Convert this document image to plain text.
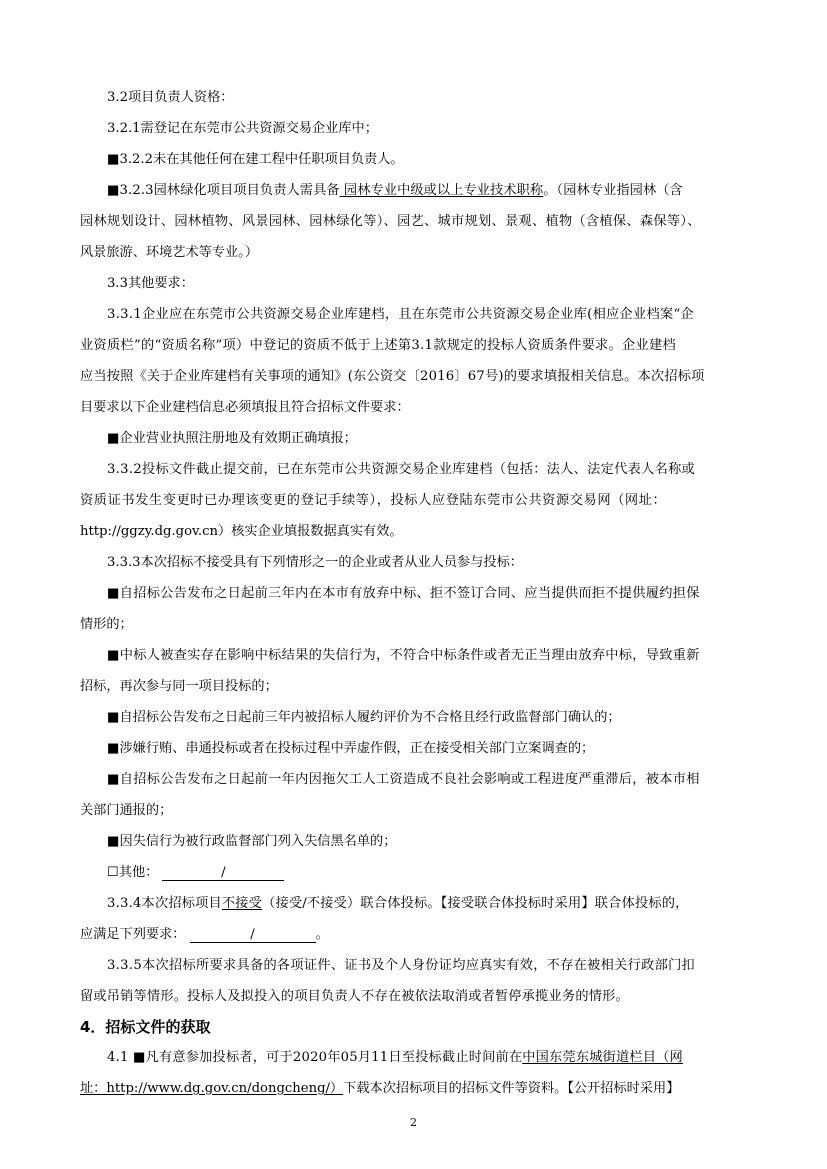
3.2项目负责人资格：
3.2.1需登记在东莞市公共资源交易企业库中；
■3.2.2未在其他任何在建工程中任职项目负责人。
■3.2.3园林绿化项目项目负责人需具备 园林专业中级或以上专业技术职称。（园林专业指园林（含
园林规划设计、园林植物、风景园林、园林绿化等）、园艺、城市规划、景观、植物（含植保、森保等）、
风景旅游、环境艺术等专业。）
3.3其他要求：
3.3.1企业应在东莞市公共资源交易企业库建档，且在东莞市公共资源交易企业库(相应企业档案“企
业资质栏”的“资质名称”项）中登记的资质不低于上述第3.1款规定的投标人资质条件要求。企业建档
应当按照《关于企业库建档有关事项的通知》(东公资交〔2016〕67号)的要求填报相关信息。本次招标项
目要求以下企业建档信息必须填报且符合招标文件要求：
■企业营业执照注册地及有效期正确填报；
3.3.2投标文件截止提交前，已在东莞市公共资源交易企业库建档（包括：法人、法定代表人名称或
资质证书发生变更时已办理该变更的登记手续等），投标人应登陆东莞市公共资源交易网（网址：
http://ggzy.dg.gov.cn）核实企业填报数据真实有效。
3.3.3本次招标不接受具有下列情形之一的企业或者从业人员参与投标：
■自招标公告发布之日起前三年内在本市有放弃中标、拒不签订合同、应当提供而拒不提供履约担保
情形的；
■中标人被查实存在影响中标结果的失信行为，不符合中标条件或者无正当理由放弃中标，导致重新
招标，再次参与同一项目投标的；
■自招标公告发布之日起前三年内被招标人履约评价为不合格且经行政监督部门确认的；
■涉嫌行贿、串通投标或者在投标过程中弄虚作假，正在接受相关部门立案调查的；
■自招标公告发布之日起前一年内因拖欠工人工资造成不良社会影响或工程进度严重滞后，被本市相
关部门通报的；
■因失信行为被行政监督部门列入失信黑名单的；
☐其他：	/
3.3.4本次招标项目不接受（接受/不接受）联合体投标。【接受联合体投标时采用】联合体投标的，
应满足下列要求：	/	。
3.3.5本次招标所要求具备的各项证件、证书及个人身份证均应真实有效，不存在被相关行政部门扣
留或吊销等情形。投标人及拟投入的项目负责人不存在被依法取消或者暂停承揽业务的情形。
4．招标文件的获取
4.1 ■凡有意参加投标者，可于2020年05月11日至投标截止时间前在中国东莞东城街道栏目（网
址：http://www.dg.gov.cn/dongcheng/）下载本次招标项目的招标文件等资料。【公开招标时采用】
2
